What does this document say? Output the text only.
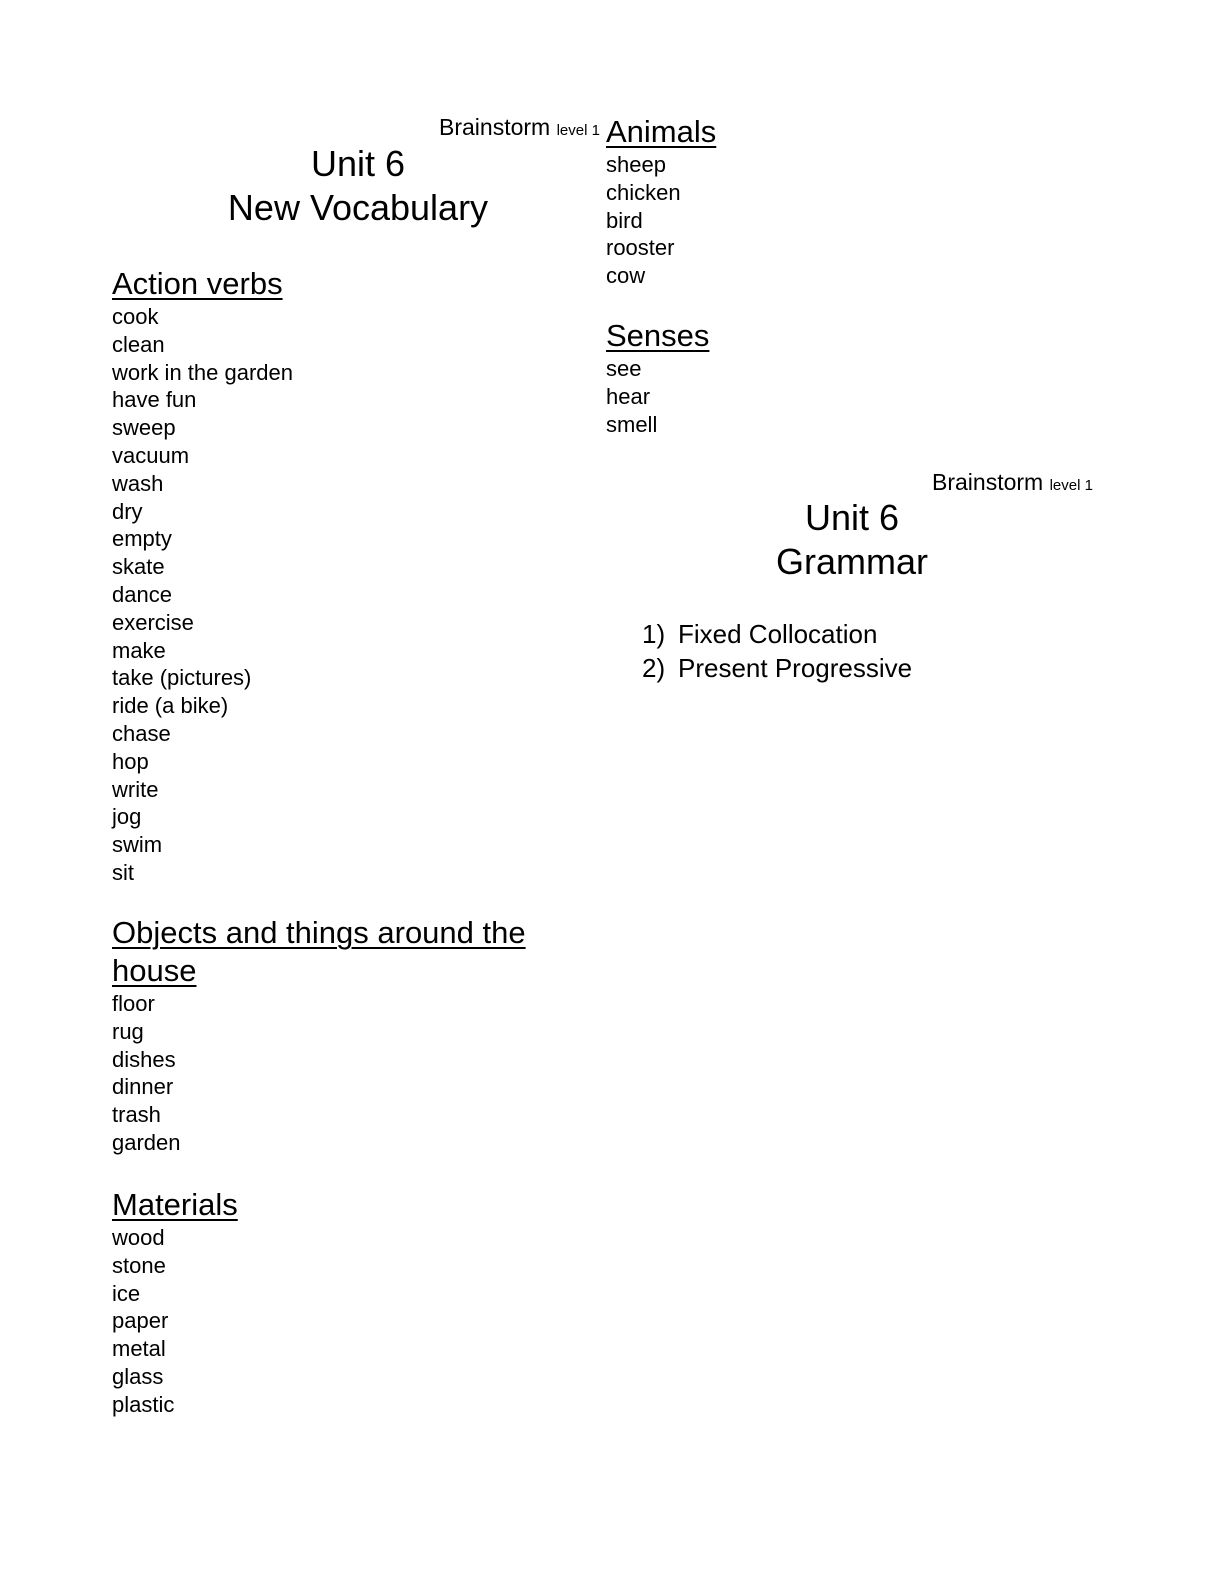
Brainstorm level 1
Unit 6
New Vocabulary
Action verbs
cook
clean
work in the garden
have fun
sweep
vacuum
wash
dry
empty
skate
dance
exercise
make
take (pictures)
ride (a bike)
chase
hop
write
jog
swim
sit
Objects and things around the
house
floor
rug
dishes
dinner
trash
garden
Materials
wood
stone
ice
paper
metal
glass
plastic
Animals
sheep
chicken
bird
rooster
cow
Senses
see
hear
smell
Brainstorm level 1
Unit 6
Grammar
1) Fixed Collocation
2) Present Progressive
